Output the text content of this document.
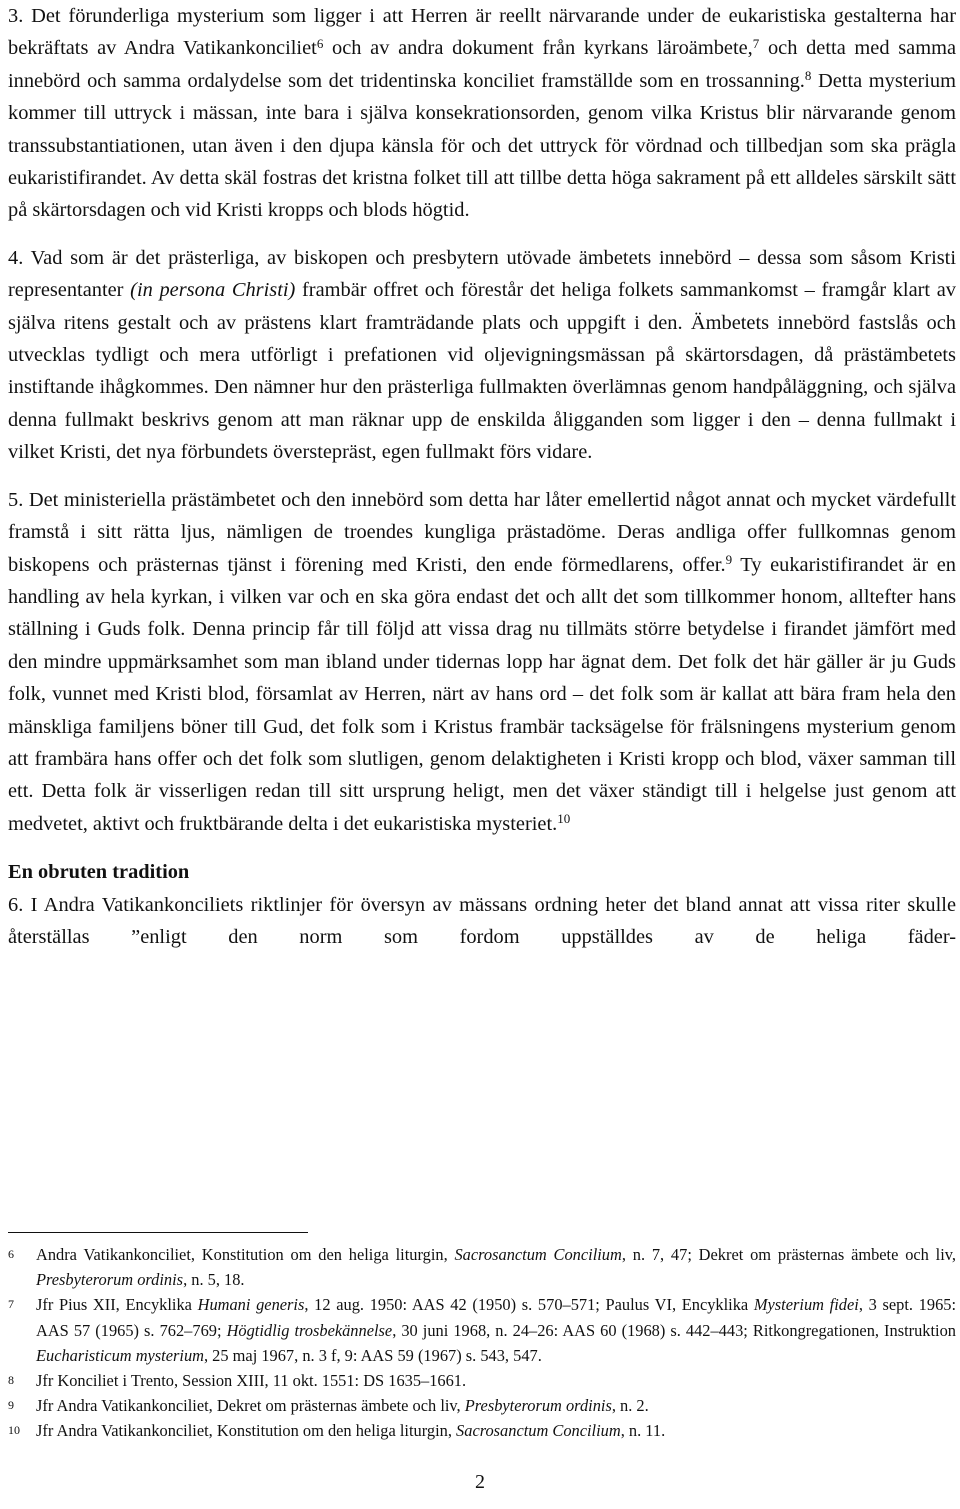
3. Det förunderliga mysterium som ligger i att Herren är reellt närvarande under de eukaristiska gestalterna har bekräftats av Andra Vatikankonciliet$^6$ och av andra dokument från kyrkans läroämbete,$^7$ och detta med samma innebörd och samma ordalydelse som det tridentinska konciliet framställde som en trossanning.$^8$ Detta mysterium kommer till uttryck i mässan, inte bara i själva konsekrationsorden, genom vilka Kristus blir närvarande genom transsubstantiationen, utan även i den djupa känsla för och det uttryck för vördnad och tillbedjan som ska prägla eukaristifirandet. Av detta skäl fostras det kristna folket till att tillbe detta höga sakrament på ett alldeles särskilt sätt på skärtorsdagen och vid Kristi kropps och blods högtid.

4. Vad som är det prästerliga, av biskopen och presbytern utövade ämbetets innebörd – dessa som såsom Kristi representanter (in persona Christi) frambär offret och förestår det heliga folkets sammankomst – framgår klart av själva ritens gestalt och av prästens klart framträdande plats och uppgift i den. Ämbetets innebörd fastslås och utvecklas tydligt och mera utförligt i prefationen vid oljevigningsmässan på skärtorsdagen, då prästämbetets instiftande ihågkommes. Den nämner hur den prästerliga fullmakten överlämnas genom handpåläggning, och själva denna fullmakt beskrivs genom att man räknar upp de enskilda åligganden som ligger i den – denna fullmakt i vilket Kristi, det nya förbundets överstepräst, egen fullmakt förs vidare.

5. Det ministeriella prästämbetet och den innebörd som detta har låter emellertid något annat och mycket värdefullt framstå i sitt rätta ljus, nämligen de troendes kungliga prästadöme. Deras andliga offer fullkomnas genom biskopens och prästernas tjänst i förening med Kristi, den ende förmedlarens, offer.$^9$ Ty eukaristifirandet är en handling av hela kyrkan, i vilken var och en ska göra endast det och allt det som tillkommer honom, alltefter hans ställning i Guds folk. Denna princip får till följd att vissa drag nu tillmäts större betydelse i firandet jämfört med den mindre uppmärksamhet som man ibland under tidernas lopp har ägnat dem. Det folk det här gäller är ju Guds folk, vunnet med Kristi blod, församlat av Herren, närt av hans ord – det folk som är kallat att bära fram hela den mänskliga familjens böner till Gud, det folk som i Kristus frambär tacksägelse för frälsningens mysterium genom att frambära hans offer och det folk som slutligen, genom delaktigheten i Kristi kropp och blod, växer samman till ett. Detta folk är visserligen redan till sitt ursprung heligt, men det växer ständigt till i helgelse just genom att medvetet, aktivt och fruktbärande delta i det eukaristiska mysteriet.$^{10}$

En obruten tradition

6. I Andra Vatikankonciliets riktlinjer för översyn av mässans ordning heter det bland annat att vissa riter skulle återställas ”enligt den norm som fordom uppställdes av de heliga fäder-

6	Andra Vatikankonciliet, Konstitution om den heliga liturgin, Sacrosanctum Concilium, n. 7, 47; Dekret om prästernas ämbete och liv, Presbyterorum ordinis, n. 5, 18.
7	Jfr Pius XII, Encyklika Humani generis, 12 aug. 1950: AAS 42 (1950) s. 570–571; Paulus VI, Encyklika Mysterium fidei, 3 sept. 1965: AAS 57 (1965) s. 762–769; Högtidlig trosbekännelse, 30 juni 1968, n. 24–26: AAS 60 (1968) s. 442–443; Ritkongregationen, Instruktion Eucharisticum mysterium, 25 maj 1967, n. 3 f, 9: AAS 59 (1967) s. 543, 547.
8	Jfr Konciliet i Trento, Session XIII, 11 okt. 1551: DS 1635–1661.
9	Jfr Andra Vatikankonciliet, Dekret om prästernas ämbete och liv, Presbyterorum ordinis, n. 2.
10 Jfr Andra Vatikankonciliet, Konstitution om den heliga liturgin, Sacrosanctum Concilium, n. 11.
2
